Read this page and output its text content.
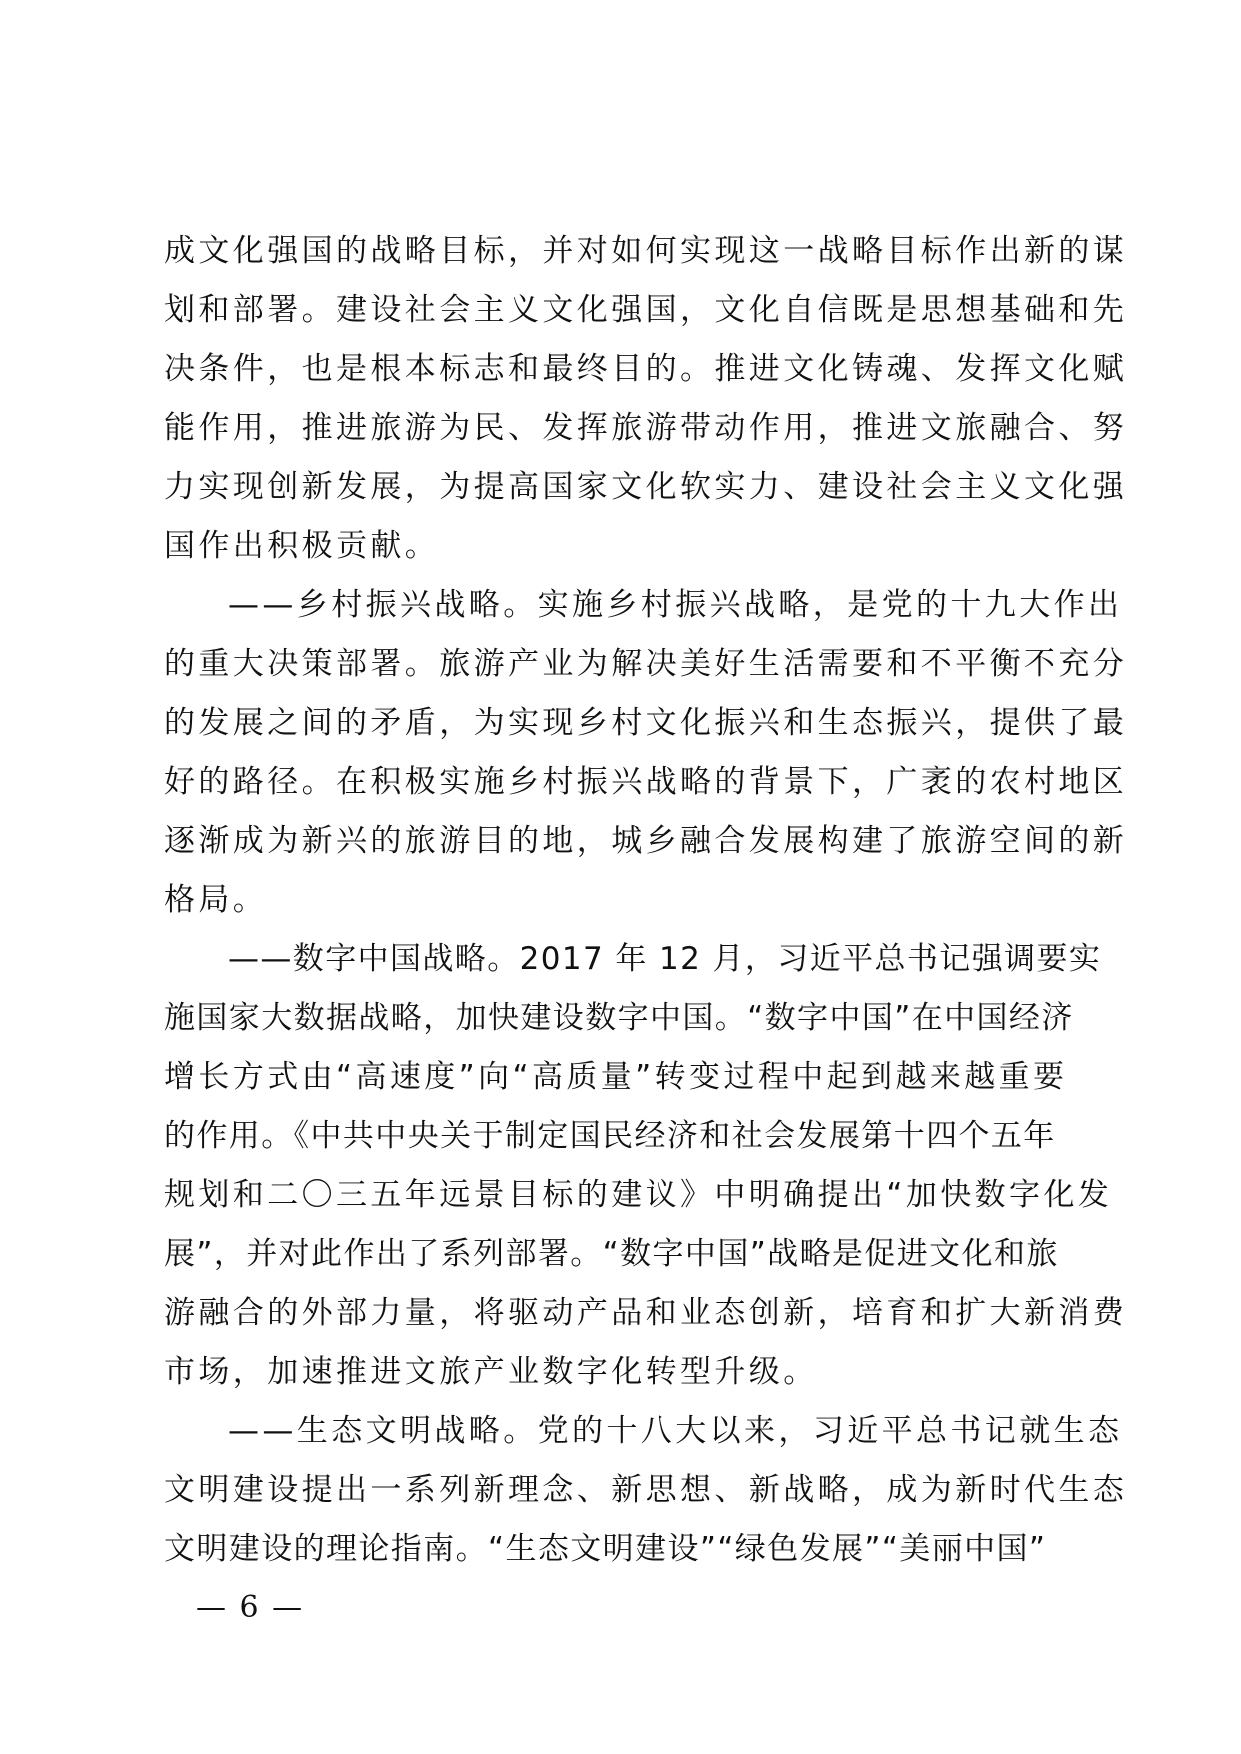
成文化强国的战略目标，并对如何实现这一战略目标作出新的谋
划和部署。建设社会主义文化强国，文化自信既是思想基础和先
决条件，也是根本标志和最终目的。推进文化铸魂、发挥文化赋
能作用，推进旅游为民、发挥旅游带动作用，推进文旅融合、努
力实现创新发展，为提高国家文化软实力、建设社会主义文化强
国作出积极贡献。
——乡村振兴战略。实施乡村振兴战略，是党的十九大作出
的重大决策部署。旅游产业为解决美好生活需要和不平衡不充分
的发展之间的矛盾，为实现乡村文化振兴和生态振兴，提供了最
好的路径。在积极实施乡村振兴战略的背景下，广袤的农村地区
逐渐成为新兴的旅游目的地，城乡融合发展构建了旅游空间的新
格局。
——数字中国战略。2017 年 12 月，习近平总书记强调要实
施国家大数据战略，加快建设数字中国。“数字中国”在中国经济
增长方式由“高速度”向“高质量”转变过程中起到越来越重要
的作用。《中共中央关于制定国民经济和社会发展第十四个五年
规划和二〇三五年远景目标的建议》中明确提出“加快数字化发
展”，并对此作出了系列部署。“数字中国”战略是促进文化和旅
游融合的外部力量，将驱动产品和业态创新，培育和扩大新消费
市场，加速推进文旅产业数字化转型升级。
——生态文明战略。党的十八大以来，习近平总书记就生态
文明建设提出一系列新理念、新思想、新战略，成为新时代生态
文明建设的理论指南。“生态文明建设”“绿色发展”“美丽中国”
— 6 —
